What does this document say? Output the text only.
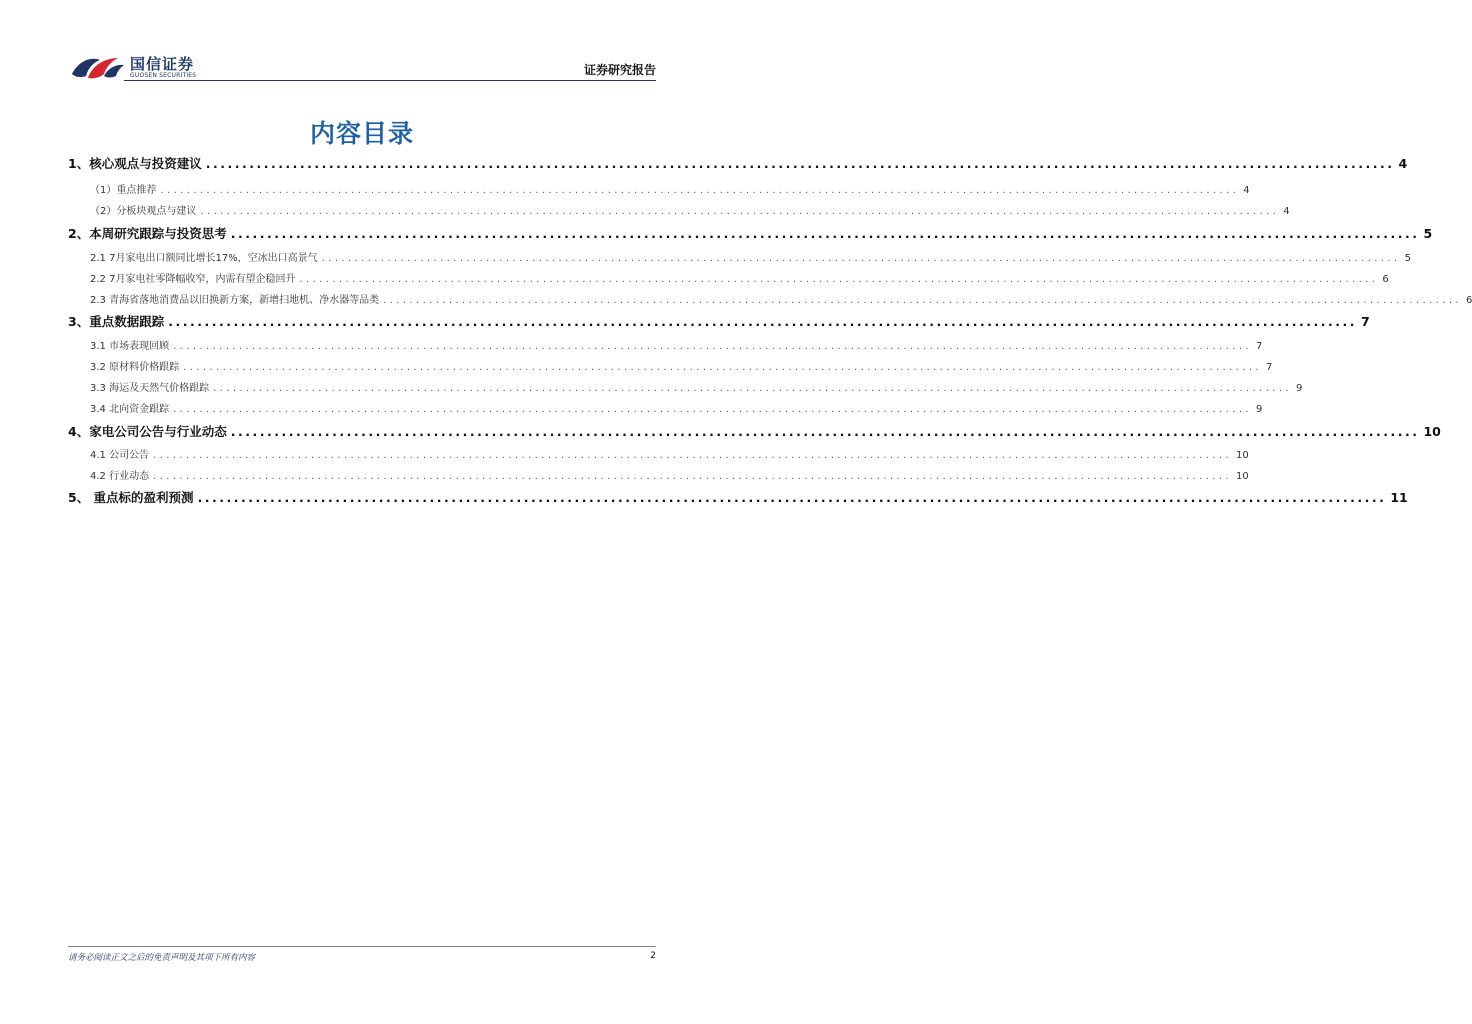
国信证券
GUOSEN SECURITIES	证券研究报告
内容目录
1、核心观点与投资建议 .................................................................................................................................................................... 4
（1）重点推荐 .................................................................................................................................................................... 4
（2）分板块观点与建议 .................................................................................................................................................................... 4
2、本周研究跟踪与投资思考 .................................................................................................................................................................... 5
2.1 7月家电出口额同比增长17%，空冰出口高景气 .................................................................................................................................................................... 5
2.2 7月家电社零降幅收窄，内需有望企稳回升 .................................................................................................................................................................... 6
2.3 青海省落地消费品以旧换新方案，新增扫地机、净水器等品类 .................................................................................................................................................................... 6
3、重点数据跟踪 .................................................................................................................................................................... 7
3.1 市场表现回顾 .................................................................................................................................................................... 7
3.2 原材料价格跟踪 .................................................................................................................................................................... 7
3.3 海运及天然气价格跟踪 .................................................................................................................................................................... 9
3.4 北向资金跟踪 .................................................................................................................................................................... 9
4、家电公司公告与行业动态 .................................................................................................................................................................... 10
4.1 公司公告 .................................................................................................................................................................... 10
4.2 行业动态 .................................................................................................................................................................... 10
5、 重点标的盈利预测 .................................................................................................................................................................... 11
请务必阅读正文之后的免责声明及其项下所有内容	2
